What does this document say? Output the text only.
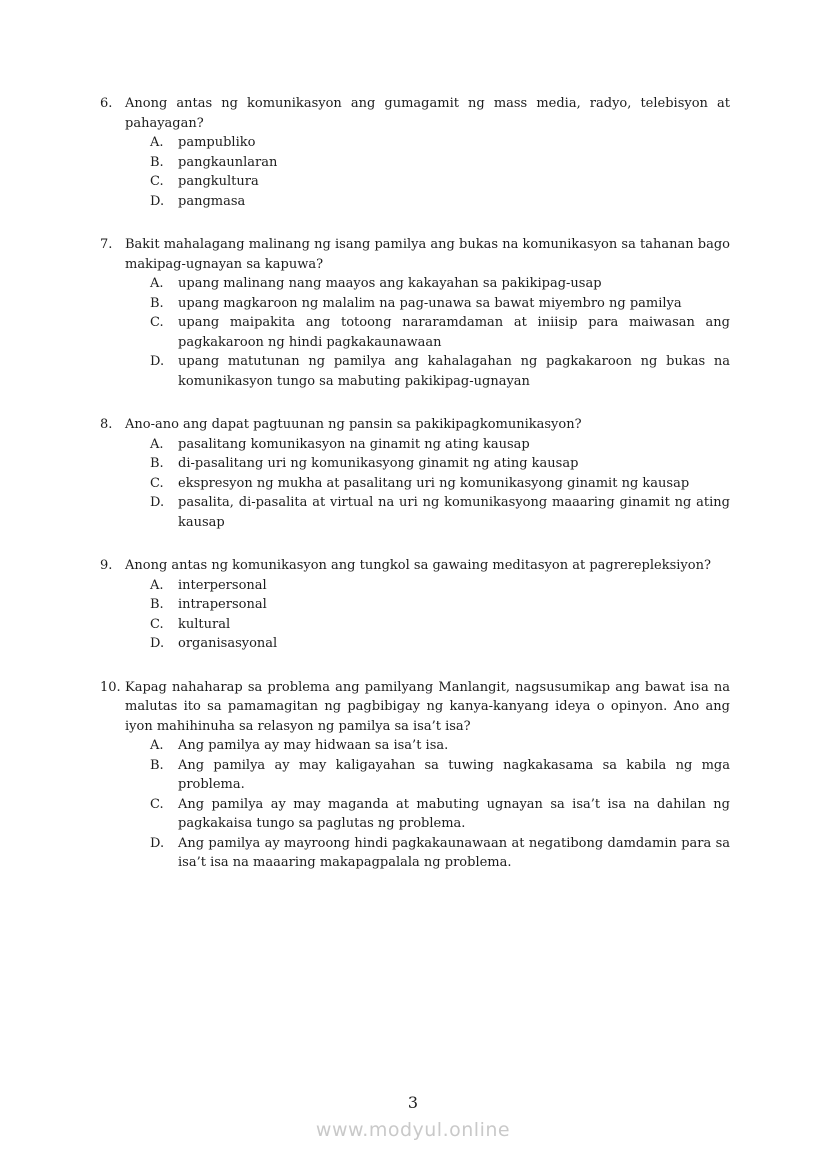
6. Anong antas ng komunikasyon ang gumagamit ng mass media, radyo, telebisyon at pahayagan?
A.	pampubliko
B.	pangkaunlaran
C.	pangkultura
D.	pangmasa
7. Bakit mahalagang malinang ng isang pamilya ang bukas na komunikasyon sa tahanan bago makipag-ugnayan sa kapuwa?
A.	upang malinang nang maayos ang kakayahan sa pakikipag-usap
B.	upang magkaroon ng malalim na pag-unawa sa bawat miyembro ng pamilya
C.	upang maipakita ang totoong nararamdaman at iniisip para maiwasan ang pagkakaroon ng hindi pagkakaunawaan
D.	upang matutunan ng pamilya ang kahalagahan ng pagkakaroon ng bukas na komunikasyon tungo sa mabuting pakikipag-ugnayan
8. Ano-ano ang dapat pagtuunan ng pansin sa pakikipagkomunikasyon?
A.	pasalitang komunikasyon na ginamit ng ating kausap
B.	di-pasalitang uri ng komunikasyong ginamit ng ating kausap
C.	ekspresyon ng mukha at pasalitang uri ng komunikasyong ginamit ng kausap
D.	pasalita, di-pasalita at virtual na uri ng komunikasyong maaaring ginamit ng ating kausap
9. Anong antas ng komunikasyon ang tungkol sa gawaing meditasyon at pagrerepleksiyon?
A.	interpersonal
B.	intrapersonal
C.	kultural
D.	organisasyonal
10. Kapag nahaharap sa problema ang pamilyang Manlangit, nagsusumikap ang bawat isa na malutas ito sa pamamagitan ng pagbibigay ng kanya-kanyang ideya o opinyon. Ano ang iyon mahihinuha sa relasyon ng pamilya sa isa’t isa?
A.	Ang pamilya ay may hidwaan sa isa’t isa.
B.	Ang pamilya ay may kaligayahan sa tuwing nagkakasama sa kabila ng mga problema.
C.	Ang pamilya ay may maganda at mabuting ugnayan sa isa’t isa na dahilan ng pagkakaisa tungo sa paglutas ng problema.
D.	Ang pamilya ay mayroong hindi pagkakaunawaan at negatibong damdamin para sa isa’t isa na maaaring makapagpalala ng problema.
3
www.modyul.online
